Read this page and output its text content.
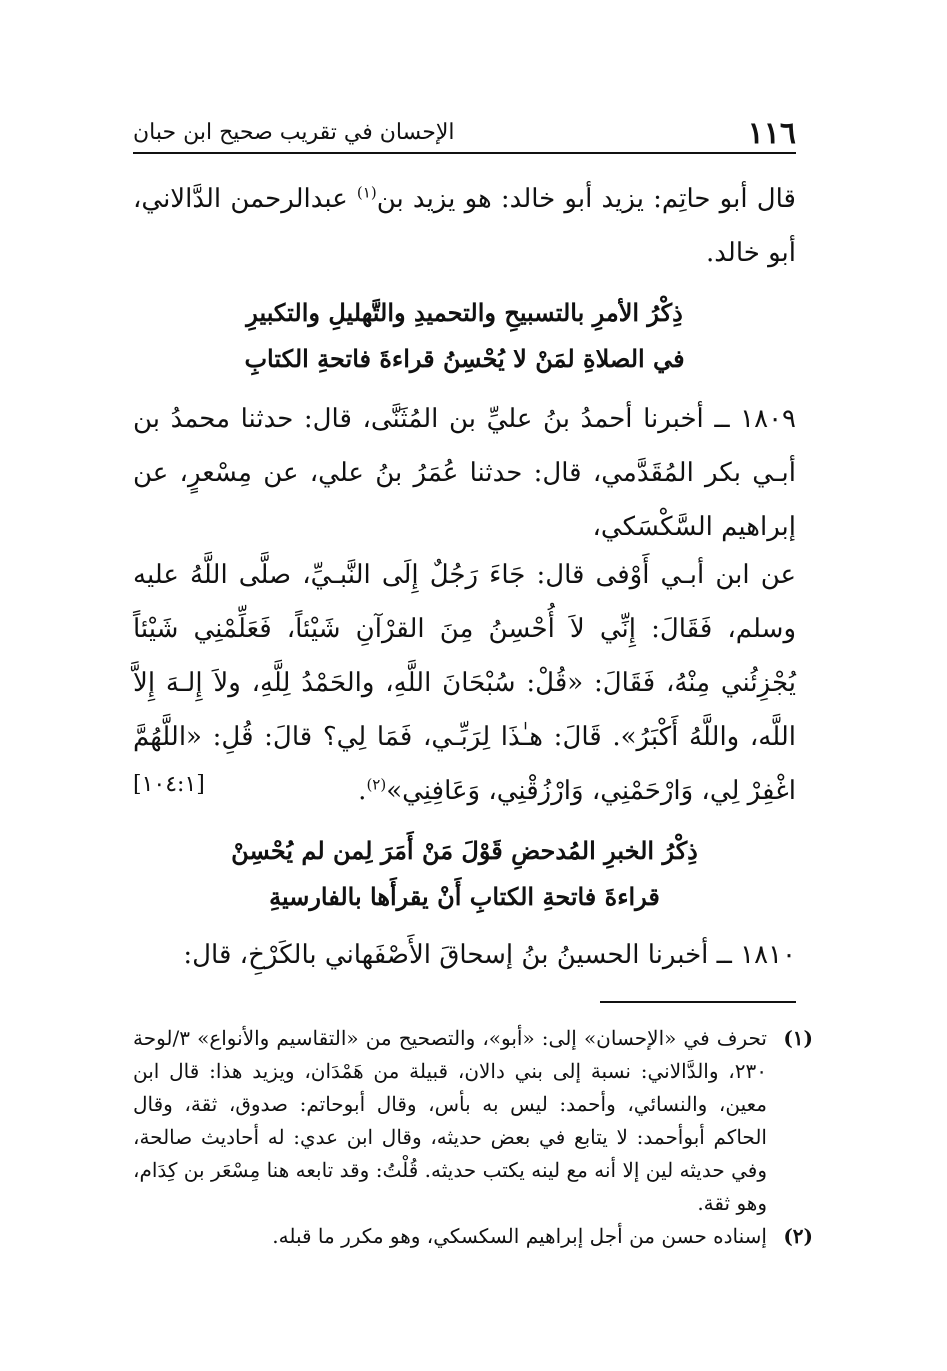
١١٦
الإحسان في تقريب صحيح ابن حبان
قال أبو حاتِم: يزيد أبو خالد: هو يزيد بن$^{(١)}$ عبدالرحمن الدَّالاني، أبو خالد.
ذِكْرُ الأمرِ بالتسبيحِ والتحميدِ والتَّهليلِ والتكبيرِ
في الصلاةِ لمَنْ لا يُحْسِنُ قراءةَ فاتحةِ الكتابِ
١٨٠٩ ــ أخبرنا أحمدُ بنُ عليِّ بن المُثَنَّى، قال: حدثنا محمدُ بن أبـي بكر المُقَدَّمي، قال: حدثنا عُمَرُ بنُ علي، عن مِسْعرٍ، عن إبراهيم السَّكْسَكي،
عن ابن أبـي أَوْفى قال: جَاءَ رَجُلٌ إِلَى النَّبـيِّ، صلَّى اللَّهُ عليه وسلم، فَقَالَ: إِنِّي لاَ أُحْسِنُ مِنَ القرْآنِ شَيْئاً، فَعَلِّمْنِي شَيْئاً يُجْزِئُني مِنْهُ، فَقَالَ: «قُلْ: سُبْحَانَ اللَّهِ، والحَمْدُ لِلَّهِ، ولاَ إِلـهَ إِلاَّ اللَّه، واللَّهُ أَكْبَرُ». قَالَ: هـٰذَا لِرَبِّـي، فَمَا لِي؟ قالَ: قُلِ: «اللَّهُمَّ اغْفِرْ لِي، وَارْحَمْنِي، وَارْزُقْنِي، وَعَافِنِي»$^{(٢)}$.
[١٠٤:١]
ذِكْرُ الخبرِ المُدحضِ قَوْلَ مَنْ أَمَرَ لِمن لم يُحْسِنْ
قراءةَ فاتحةِ الكتابِ أَنْ يقرأَها بالفارسيةِ
١٨١٠ ــ أخبرنا الحسينُ بنُ إسحاقَ الأَصْفَهاني بالكَرْخِ، قال:
(١)
تحرف في «الإحسان» إلى: «أبو»، والتصحيح من «التقاسيم والأنواع» ٣/لوحة ٢٣٠، والدَّالاني: نسبة إلى بني دالان، قبيلة من هَمْدَان، ويزيد هذا: قال ابن معين، والنسائي، وأحمد: ليس به بأس، وقال أبوحاتم: صدوق، ثقة، وقال الحاكم أبوأحمد: لا يتابع في بعض حديثه، وقال ابن عدي: له أحاديث صالحة، وفي حديثه لين إلا أنه مع لينه يكتب حديثه. قُلْتُ: وقد تابعه هنا مِسْعَر بن كِدَام، وهو ثقة.
(٢)
إسناده حسن من أجل إبراهيم السكسكي، وهو مكرر ما قبله.
